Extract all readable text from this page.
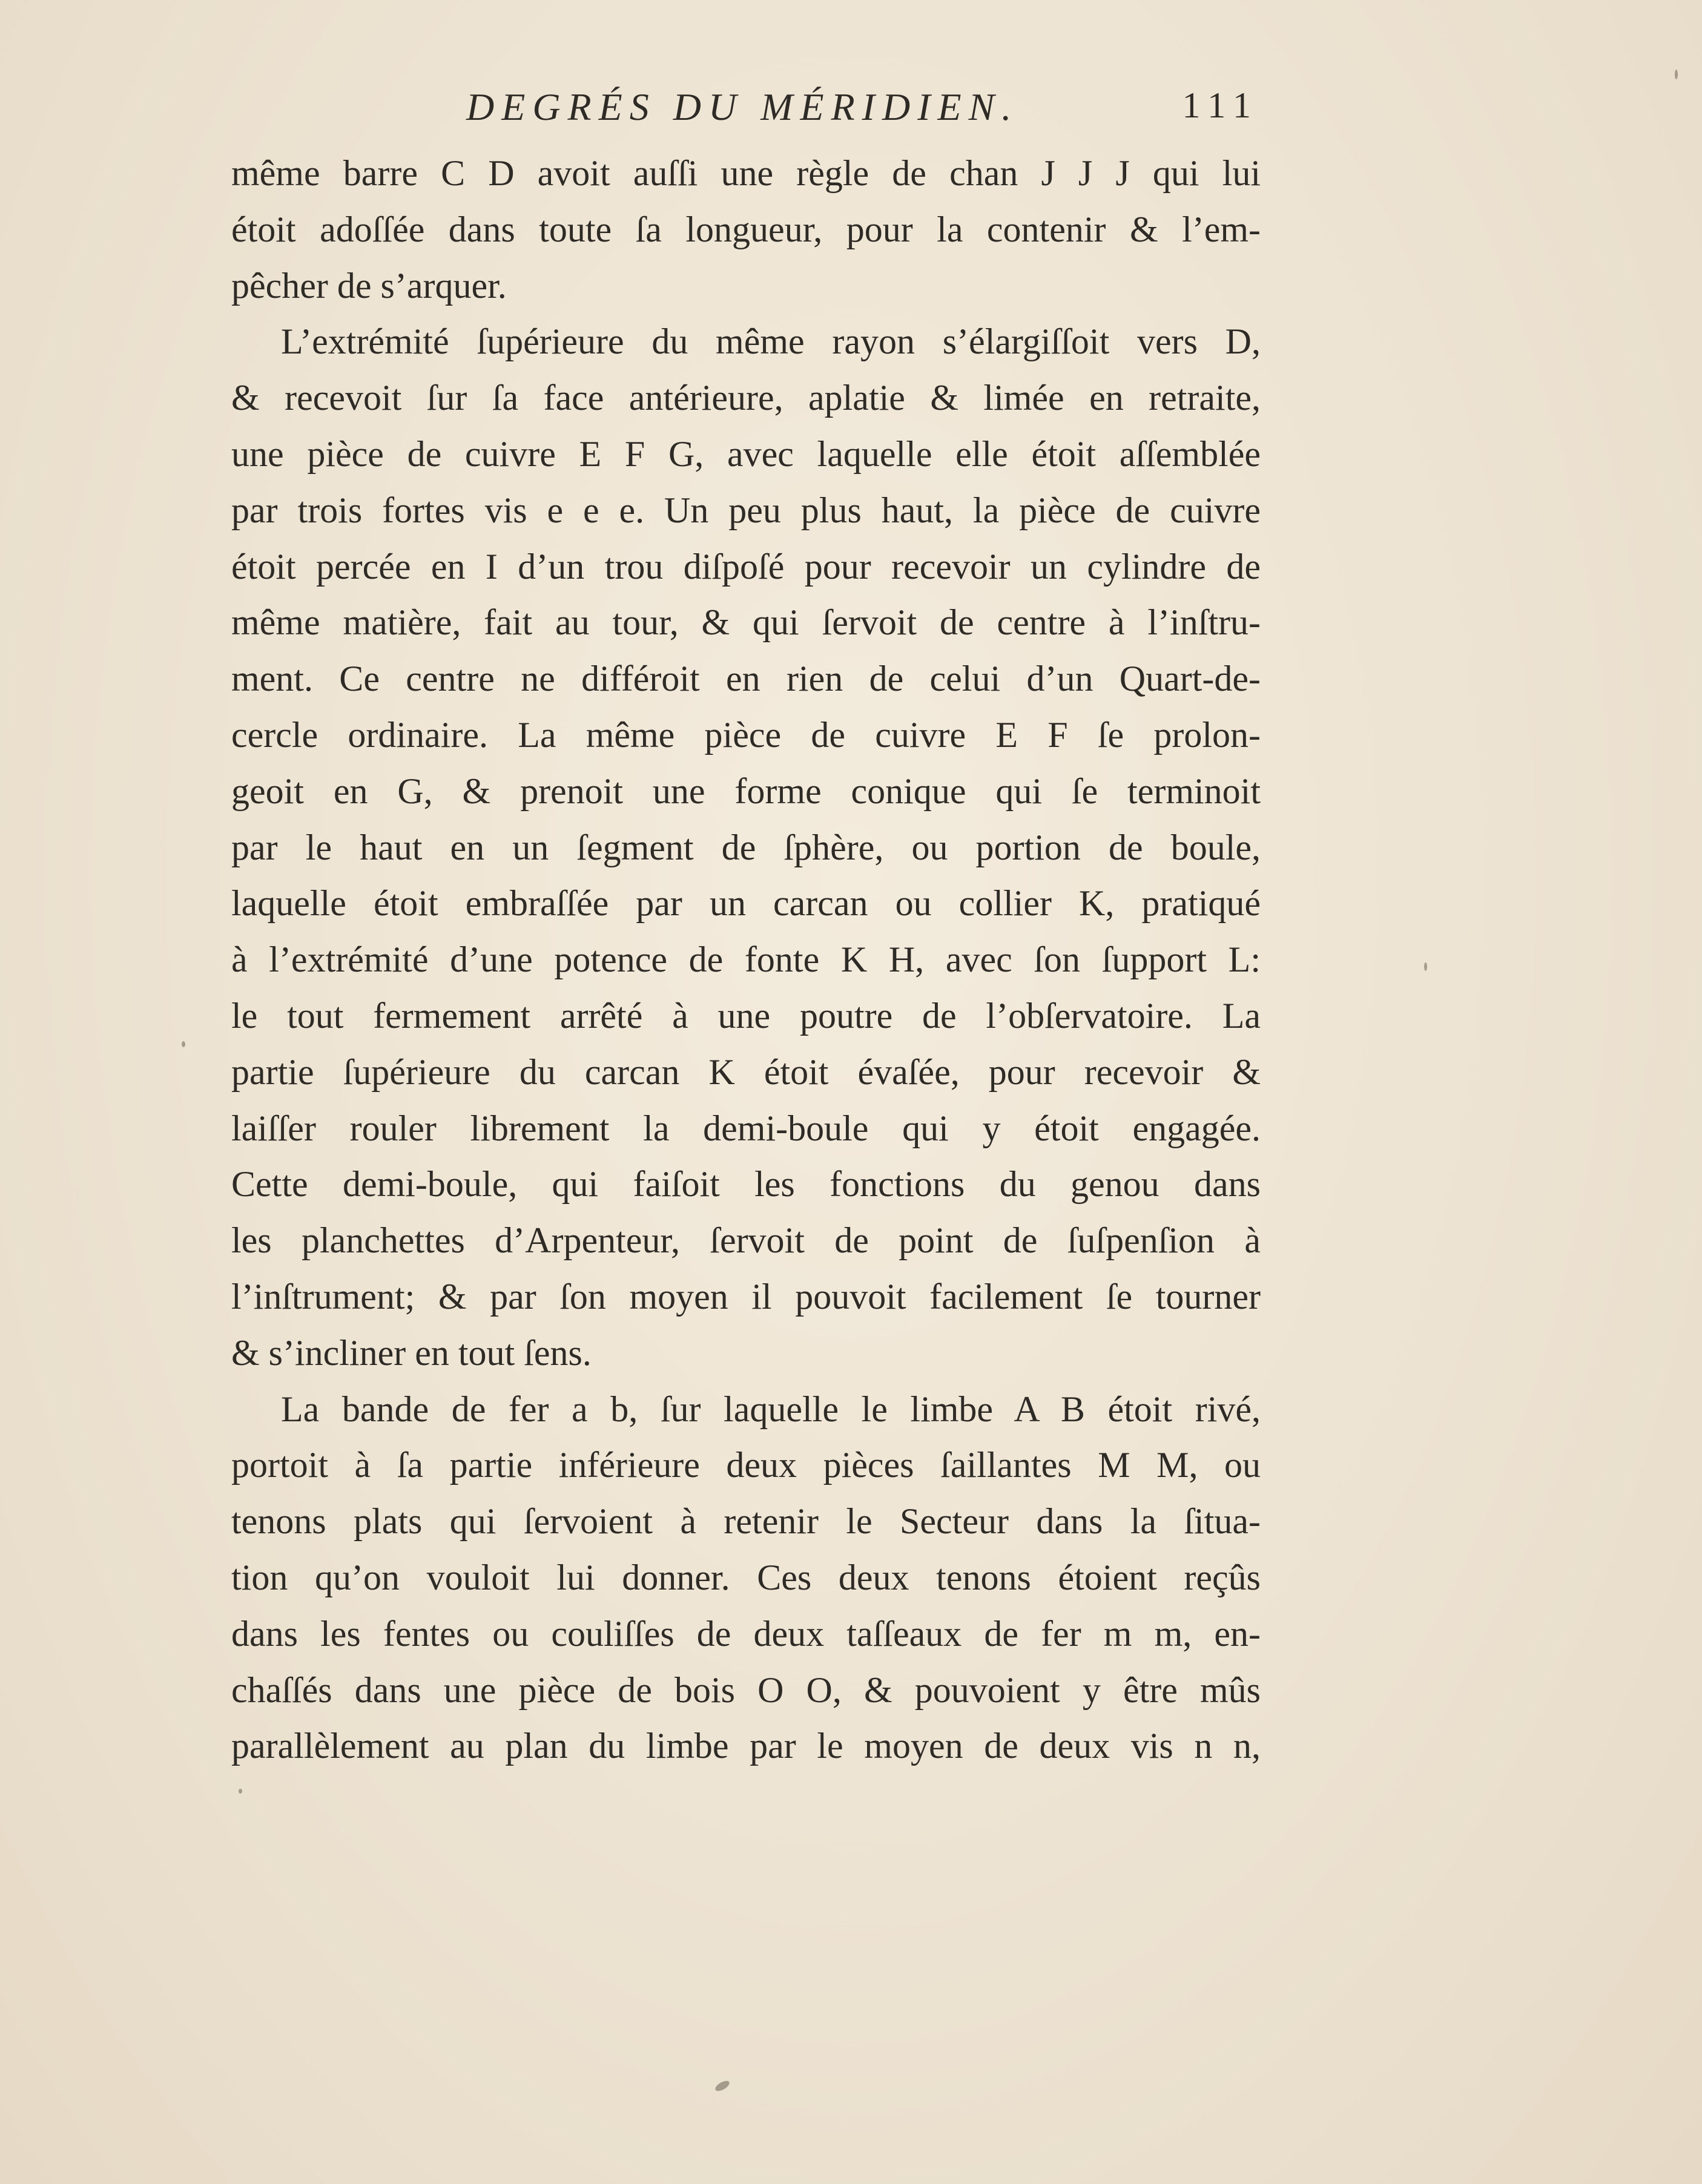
DEGRÉS DU MÉRIDIEN.	111
même barre C D avoit auſſi une règle de chan J J J qui lui
étoit adoſſée dans toute ſa longueur, pour la contenir & l’em-
pêcher de s’arquer.
L’extrémité ſupérieure du même rayon s’élargiſſoit vers D,
& recevoit ſur ſa face antérieure, aplatie & limée en retraite,
une pièce de cuivre E F G, avec laquelle elle étoit aſſemblée
par trois fortes vis e e e. Un peu plus haut, la pièce de cuivre
étoit percée en I d’un trou diſpoſé pour recevoir un cylindre de
même matière, fait au tour, & qui ſervoit de centre à l’inſtru-
ment. Ce centre ne différoit en rien de celui d’un Quart-de-
cercle ordinaire. La même pièce de cuivre E F ſe prolon-
geoit en G, & prenoit une forme conique qui ſe terminoit
par le haut en un ſegment de ſphère, ou portion de boule,
laquelle étoit embraſſée par un carcan ou collier K, pratiqué
à l’extrémité d’une potence de fonte K H, avec ſon ſupport L:
le tout fermement arrêté à une poutre de l’obſervatoire. La
partie ſupérieure du carcan K étoit évaſée, pour recevoir &
laiſſer rouler librement la demi-boule qui y étoit engagée.
Cette demi-boule, qui faiſoit les fonctions du genou dans
les planchettes d’Arpenteur, ſervoit de point de ſuſpenſion à
l’inſtrument; & par ſon moyen il pouvoit facilement ſe tourner
& s’incliner en tout ſens.
La bande de fer a b, ſur laquelle le limbe A B étoit rivé,
portoit à ſa partie inférieure deux pièces ſaillantes M M, ou
tenons plats qui ſervoient à retenir le Secteur dans la ſitua-
tion qu’on vouloit lui donner. Ces deux tenons étoient reçûs
dans les fentes ou couliſſes de deux taſſeaux de fer m m, en-
chaſſés dans une pièce de bois O O, & pouvoient y être mûs
parallèlement au plan du limbe par le moyen de deux vis n n,
